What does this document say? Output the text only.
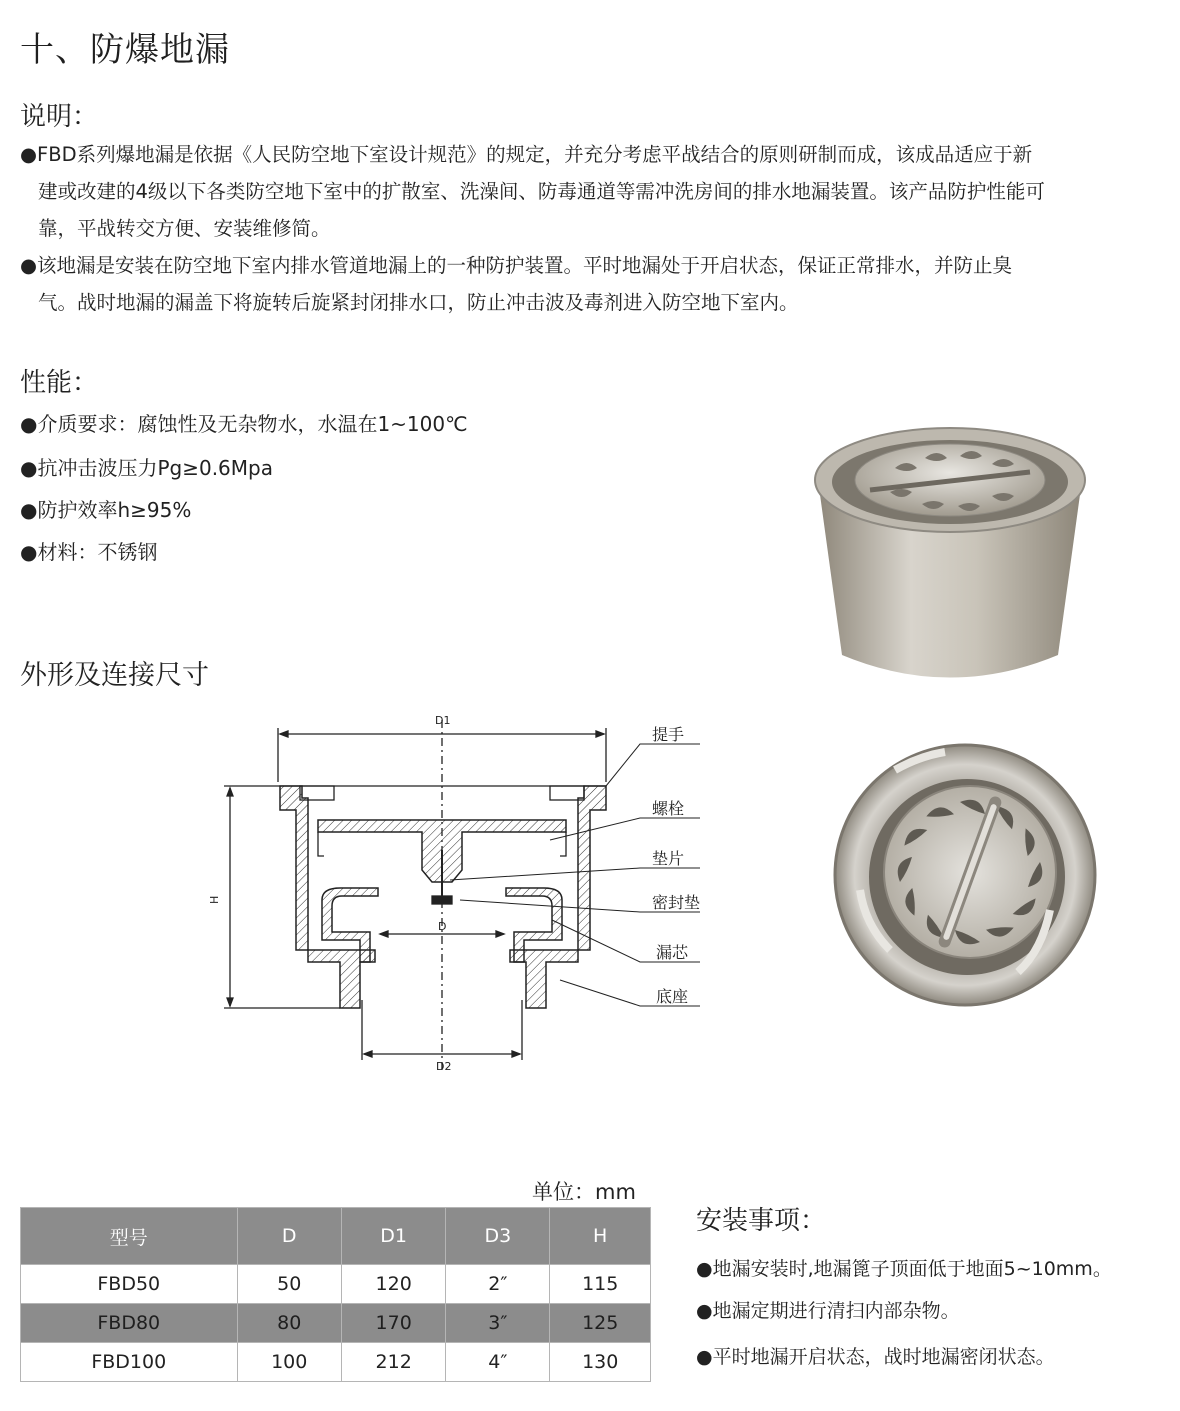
十、防爆地漏
说明：
●FBD系列爆地漏是依据《人民防空地下室设计规范》的规定，并充分考虑平战结合的原则研制而成，该成品适应于新
建或改建的4级以下各类防空地下室中的扩散室、洗澡间、防毒通道等需冲洗房间的排水地漏装置。该产品防护性能可
靠，平战转交方便、安装维修简。
●该地漏是安装在防空地下室内排水管道地漏上的一种防护装置。平时地漏处于开启状态，保证正常排水，并防止臭
气。战时地漏的漏盖下将旋转后旋紧封闭排水口，防止冲击波及毒剂进入防空地下室内。
性能：
●介质要求：腐蚀性及无杂物水，水温在1~100℃
●抗冲击波压力Pg≥0.6Mpa
●防护效率h≥95%
●材料：不锈钢
外形及连接尺寸
D1
D2
D
H
提手
螺栓
垫片
密封垫
漏芯
底座
单位：mm
型号	D	D1	D3	H
FBD50	50	120	2″	115
FBD80	80	170	3″	125
FBD100	100	212	4″	130
安装事项：
●地漏安装时,地漏篦子顶面低于地面5~10mm。
●地漏定期进行清扫内部杂物。
●平时地漏开启状态，战时地漏密闭状态。
